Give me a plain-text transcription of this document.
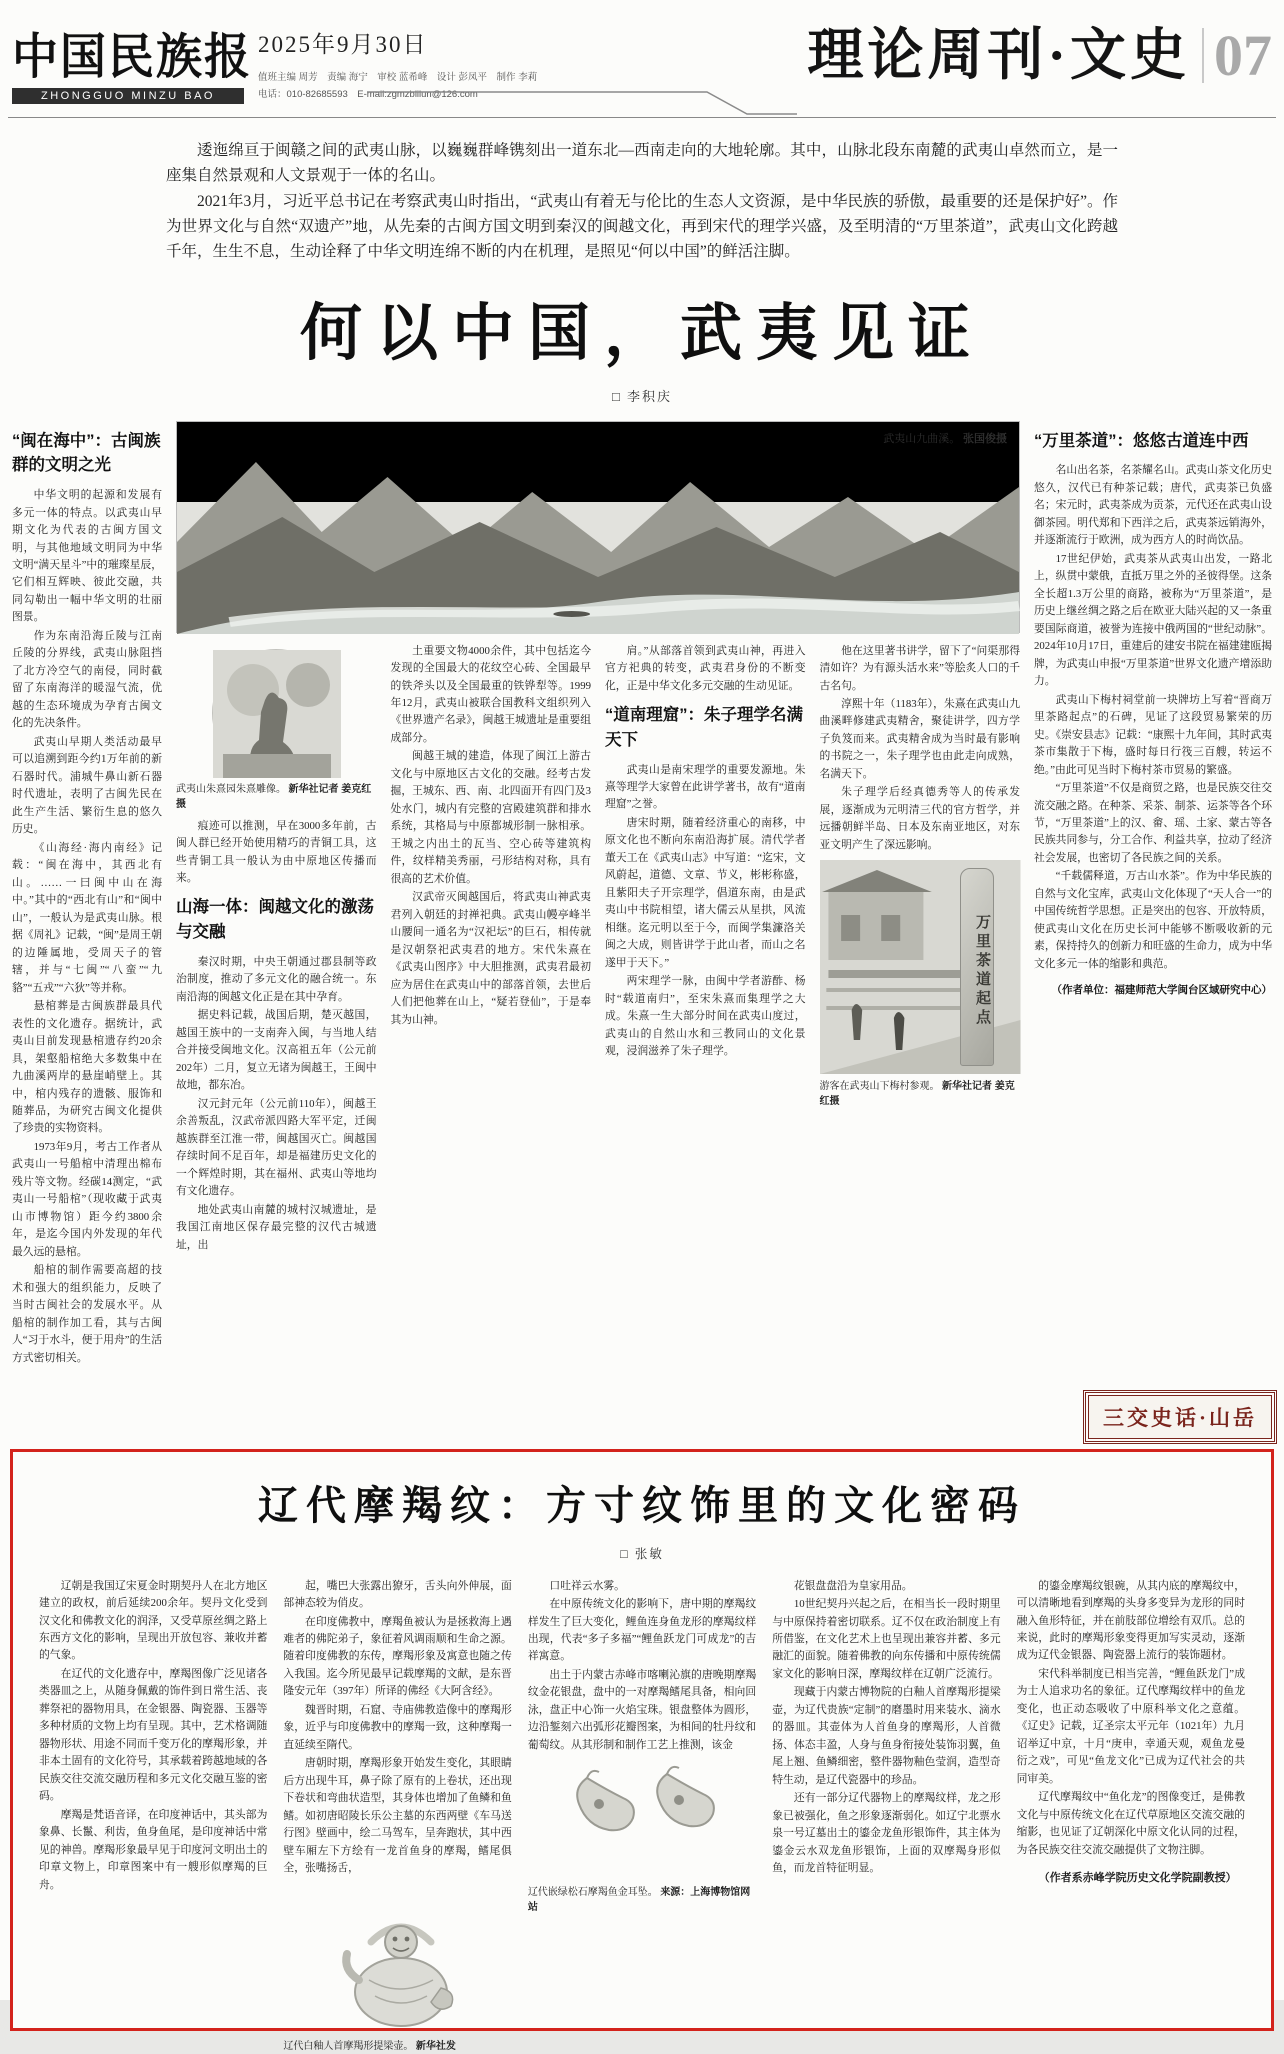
中国民族报
ZHONGGUO MINZU BAO
2025年9月30日
值班主编 周芳　责编 海宁　审校 蓝希峰　设计 彭凤平　制作 李莉
电话：010-82685593　E-mail:zgmzblilun@126.com
理论周刊·文史 07

逶迤绵亘于闽赣之间的武夷山脉，以巍巍群峰镌刻出一道东北—西南走向的大地轮廓。其中，山脉北段东南麓的武夷山卓然而立，是一座集自然景观和人文景观于一体的名山。

2021年3月，习近平总书记在考察武夷山时指出，“武夷山有着无与伦比的生态人文资源，是中华民族的骄傲，最重要的还是保护好”。作为世界文化与自然“双遗产”地，从先秦的古闽方国文明到秦汉的闽越文化，再到宋代的理学兴盛，及至明清的“万里茶道”，武夷山文化跨越千年，生生不息，生动诠释了中华文明连绵不断的内在机理，是照见“何以中国”的鲜活注脚。

何以中国，武夷见证
□ 李积庆
“闽在海中”：古闽族群的文明之光

中华文明的起源和发展有多元一体的特点。以武夷山早期文化为代表的古闽方国文明，与其他地域文明同为中华文明“满天星斗”中的璀璨星辰，它们相互辉映、彼此交融，共同勾勒出一幅中华文明的壮丽图景。

作为东南沿海丘陵与江南丘陵的分界线，武夷山脉阻挡了北方冷空气的南侵，同时截留了东南海洋的暖湿气流，优越的生态环境成为孕育古闽文化的先决条件。

武夷山早期人类活动最早可以追溯到距今约1万年前的新石器时代。浦城牛鼻山新石器时代遗址，表明了古闽先民在此生产生活、繁衍生息的悠久历史。

《山海经·海内南经》记载：“闽在海中，其西北有山。……一曰闽中山在海中。”其中的“西北有山”和“闽中山”，一般认为是武夷山脉。根据《周礼》记载，“闽”是周王朝的边陲属地，受周天子的管辖，并与“七闽”“八蛮”“九貉”“五戎”“六狄”等并称。

悬棺葬是古闽族群最具代表性的文化遗存。据统计，武夷山目前发现悬棺遗存约20余具，架壑船棺绝大多数集中在九曲溪两岸的悬崖峭壁上。其中，棺内残存的遗骸、服饰和随葬品，为研究古闽文化提供了珍贵的实物资料。

1973年9月，考古工作者从武夷山一号船棺中清理出棉布残片等文物。经碳14测定，“武夷山一号船棺”（现收藏于武夷山市博物馆）距今约3800余年，是迄今国内外发现的年代最久远的悬棺。

船棺的制作需要高超的技术和强大的组织能力，反映了当时古闽社会的发展水平。从船棺的制作加工看，其与古闽人“习于水斗，便于用舟”的生活方式密切相关。

武夷山九曲溪。 张国俊摄
武夷山朱熹园朱熹雕像。 新华社记者 姜克红摄

痕迹可以推测，早在3000多年前，古闽人群已经开始使用精巧的青铜工具，这些青铜工具一般认为由中原地区传播而来。

山海一体：闽越文化的激荡与交融

秦汉时期，中央王朝通过郡县制等政治制度，推动了多元文化的融合统一。东南沿海的闽越文化正是在其中孕育。

据史料记载，战国后期，楚灭越国，越国王族中的一支南奔入闽，与当地人结合并接受闽地文化。汉高祖五年（公元前202年）二月，复立无诸为闽越王，王闽中故地，都东冶。

汉元封元年（公元前110年），闽越王余善叛乱，汉武帝派四路大军平定，迁闽越族群至江淮一带，闽越国灭亡。闽越国存续时间不足百年，却是福建历史文化的一个辉煌时期，其在福州、武夷山等地均有文化遗存。

地处武夷山南麓的城村汉城遗址，是我国江南地区保存最完整的汉代古城遗址，出

土重要文物4000余件，其中包括迄今发现的全国最大的花纹空心砖、全国最早的铁斧头以及全国最重的铁铧犁等。1999年12月，武夷山被联合国教科文组织列入《世界遗产名录》，闽越王城遗址是重要组成部分。

闽越王城的建造，体现了闽江上游古文化与中原地区古文化的交融。经考古发掘，王城东、西、南、北四面开有四门及3处水门，城内有完整的宫殿建筑群和排水系统，其格局与中原都城形制一脉相承。王城之内出土的瓦当、空心砖等建筑构件，纹样精美秀丽，弓形结构对称，具有很高的艺术价值。

汉武帝灭闽越国后，将武夷山神武夷君列入朝廷的封禅祀典。武夷山幔亭峰半山腰间一通名为“汉祀坛”的巨石，相传就是汉朝祭祀武夷君的地方。宋代朱熹在《武夷山图序》中大胆推测，武夷君最初应为居住在武夷山中的部落首领，去世后人们把他葬在山上，“疑若登仙”，于是奉其为山神。

肩。”从部落首领到武夷山神，再进入官方祀典的转变，武夷君身份的不断变化，正是中华文化多元交融的生动见证。

“道南理窟”：朱子理学名满天下

武夷山是南宋理学的重要发源地。朱熹等理学大家曾在此讲学著书，故有“道南理窟”之誉。

唐宋时期，随着经济重心的南移，中原文化也不断向东南沿海扩展。清代学者董天工在《武夷山志》中写道：“迄宋，文风蔚起，道德、文章、节义，彬彬称盛，且紫阳夫子开宗理学，倡道东南，由是武夷山中书院相望，诸大儒云从星拱，风流相继。迄元明以至于今，而闽学集濂洛关闽之大成，则皆讲学于此山者，而山之名遂甲于天下。”

两宋理学一脉，由闽中学者游酢、杨时“载道南归”，至宋朱熹而集理学之大成。朱熹一生大部分时间在武夷山度过，武夷山的自然山水和三教同山的文化景观，浸润滋养了朱子理学。

他在这里著书讲学，留下了“问渠那得清如许？为有源头活水来”等脍炙人口的千古名句。

淳熙十年（1183年），朱熹在武夷山九曲溪畔修建武夷精舍，聚徒讲学，四方学子负笈而来。武夷精舍成为当时最有影响的书院之一，朱子理学也由此走向成熟，名满天下。

朱子理学后经真德秀等人的传承发展，逐渐成为元明清三代的官方哲学，并远播朝鲜半岛、日本及东南亚地区，对东亚文明产生了深远影响。

万里茶道起点
游客在武夷山下梅村参观。 新华社记者 姜克红摄
“万里茶道”：悠悠古道连中西

名山出名茶，名茶耀名山。武夷山茶文化历史悠久，汉代已有种茶记载；唐代，武夷茶已负盛名；宋元时，武夷茶成为贡茶，元代还在武夷山设御茶园。明代郑和下西洋之后，武夷茶远销海外，并逐渐流行于欧洲，成为西方人的时尚饮品。

17世纪伊始，武夷茶从武夷山出发，一路北上，纵贯中蒙俄，直抵万里之外的圣彼得堡。这条全长超1.3万公里的商路，被称为“万里茶道”，是历史上继丝绸之路之后在欧亚大陆兴起的又一条重要国际商道，被誉为连接中俄两国的“世纪动脉”。2024年10月17日，重建后的建安书院在福建建瓯揭牌，为武夷山申报“万里茶道”世界文化遗产增添助力。

武夷山下梅村祠堂前一块牌坊上写着“晋商万里茶路起点”的石碑，见证了这段贸易繁荣的历史。《崇安县志》记载：“康熙十九年间，其时武夷茶市集散于下梅，盛时每日行筏三百艘，转运不绝。”由此可见当时下梅村茶市贸易的繁盛。

“万里茶道”不仅是商贸之路，也是民族交往交流交融之路。在种茶、采茶、制茶、运茶等各个环节，“万里茶道”上的汉、畲、瑶、土家、蒙古等各民族共同参与，分工合作、利益共享，拉动了经济社会发展，也密切了各民族之间的关系。

“千载儒释道，万古山水茶”。作为中华民族的自然与文化宝库，武夷山文化体现了“天人合一”的中国传统哲学思想。正是突出的包容、开放特质，使武夷山文化在历史长河中能够不断吸收新的元素，保持持久的创新力和旺盛的生命力，成为中华文化多元一体的缩影和典范。

（作者单位：福建师范大学闽台区域研究中心）
三交史话·山岳
辽代摩羯纹：方寸纹饰里的文化密码
□ 张敏

辽朝是我国辽宋夏金时期契丹人在北方地区建立的政权，前后延续200余年。契丹文化受到汉文化和佛教文化的润泽，又受草原丝绸之路上东西方文化的影响，呈现出开放包容、兼收并蓄的气象。

在辽代的文化遗存中，摩羯图像广泛见诸各类器皿之上，从随身佩戴的饰件到日常生活、丧葬祭祀的器物用具，在金银器、陶瓷器、玉器等多种材质的文物上均有呈现。其中，艺术格调随器物形状、用途不同而千变万化的摩羯形象，并非本土固有的文化符号，其承载着跨越地域的各民族交往交流交融历程和多元文化交融互鉴的密码。

摩羯是梵语音译，在印度神话中，其头部为象鼻、长鬣、利齿，鱼身鱼尾，是印度神话中常见的神兽。摩羯形象最早见于印度河文明出土的印章文物上，印章图案中有一艘形似摩羯的巨舟。

起，嘴巴大张露出獠牙，舌头向外伸展，面部神态较为俏皮。

在印度佛教中，摩羯鱼被认为是拯救海上遇难者的佛陀弟子，象征着风调雨顺和生命之源。随着印度佛教的东传，摩羯形象及寓意也随之传入我国。迄今所见最早记载摩羯的文献，是东晋隆安元年（397年）所译的佛经《大阿含经》。

魏晋时期，石窟、寺庙佛教造像中的摩羯形象，近乎与印度佛教中的摩羯一致，这种摩羯一直延续至隋代。

唐朝时期，摩羯形象开始发生变化，其眼睛后方出现牛耳，鼻子除了原有的上卷状，还出现下卷状和弯曲状造型，其身体也增加了鱼鳞和鱼鳍。如初唐昭陵长乐公主墓的东西两壁《车马送行图》壁画中，绘二马驾车，呈奔跑状，其中西壁车厢左下方绘有一龙首鱼身的摩羯，鳍尾俱全，张嘴扬舌，

辽代白釉人首摩羯形提梁壶。 新华社发

口吐祥云水雾。

在中原传统文化的影响下，唐中期的摩羯纹样发生了巨大变化，鲤鱼连身鱼龙形的摩羯纹样出现，代表“多子多福”“鲤鱼跃龙门可成龙”的吉祥寓意。

出土于内蒙古赤峰市喀喇沁旗的唐晚期摩羯纹金花银盘，盘中的一对摩羯鳍尾具备，相向回泳，盘正中心饰一火焰宝珠。银盘整体为圆形，边沿錾刻六出弧形花瓣图案，为相间的牡丹纹和葡萄纹。从其形制和制作工艺上推测，该金

辽代嵌绿松石摩羯鱼金耳坠。 来源：上海博物馆网站

花银盘盘沿为皇家用品。

10世纪契丹兴起之后，在相当长一段时期里与中原保持着密切联系。辽不仅在政治制度上有所借鉴，在文化艺术上也呈现出兼容并蓄、多元融汇的面貌。随着佛教的向东传播和中原传统儒家文化的影响日深，摩羯纹样在辽朝广泛流行。

现藏于内蒙古博物院的白釉人首摩羯形提梁壶，为辽代贵族“定制”的磨墨时用来装水、滴水的器皿。其壶体为人首鱼身的摩羯形，人首微扬、体态丰盈，人身与鱼身衔接处装饰羽翼，鱼尾上翘、鱼鳞细密，整件器物釉色莹润，造型奇特生动，是辽代瓷器中的珍品。

还有一部分辽代器物上的摩羯纹样，龙之形象已被强化，鱼之形象逐渐弱化。如辽宁北票水泉一号辽墓出土的鎏金龙鱼形银饰件，其主体为鎏金云水双龙鱼形银饰，上面的双摩羯身形似鱼，而龙首特征明显。

的鎏金摩羯纹银碗，从其内底的摩羯纹中，可以清晰地看到摩羯的头身多变异为龙形的同时融入鱼形特征，并在前肢部位增绘有双爪。总的来说，此时的摩羯形象变得更加写实灵动，逐渐成为辽代金银器、陶瓷器上流行的装饰题材。

宋代科举制度已相当完善，“鲤鱼跃龙门”成为士人追求功名的象征。辽代摩羯纹样中的鱼龙变化，也正动态吸收了中原科举文化之意蕴。《辽史》记载，辽圣宗太平元年（1021年）九月诏举辽中京，十月“庚申，幸通天观，观鱼龙曼衍之戏”，可见“鱼龙文化”已成为辽代社会的共同审美。

辽代摩羯纹中“鱼化龙”的图像变迁，是佛教文化与中原传统文化在辽代草原地区交流交融的缩影，也见证了辽朝深化中原文化认同的过程，为各民族交往交流交融提供了文物注脚。

（作者系赤峰学院历史文化学院副教授）
